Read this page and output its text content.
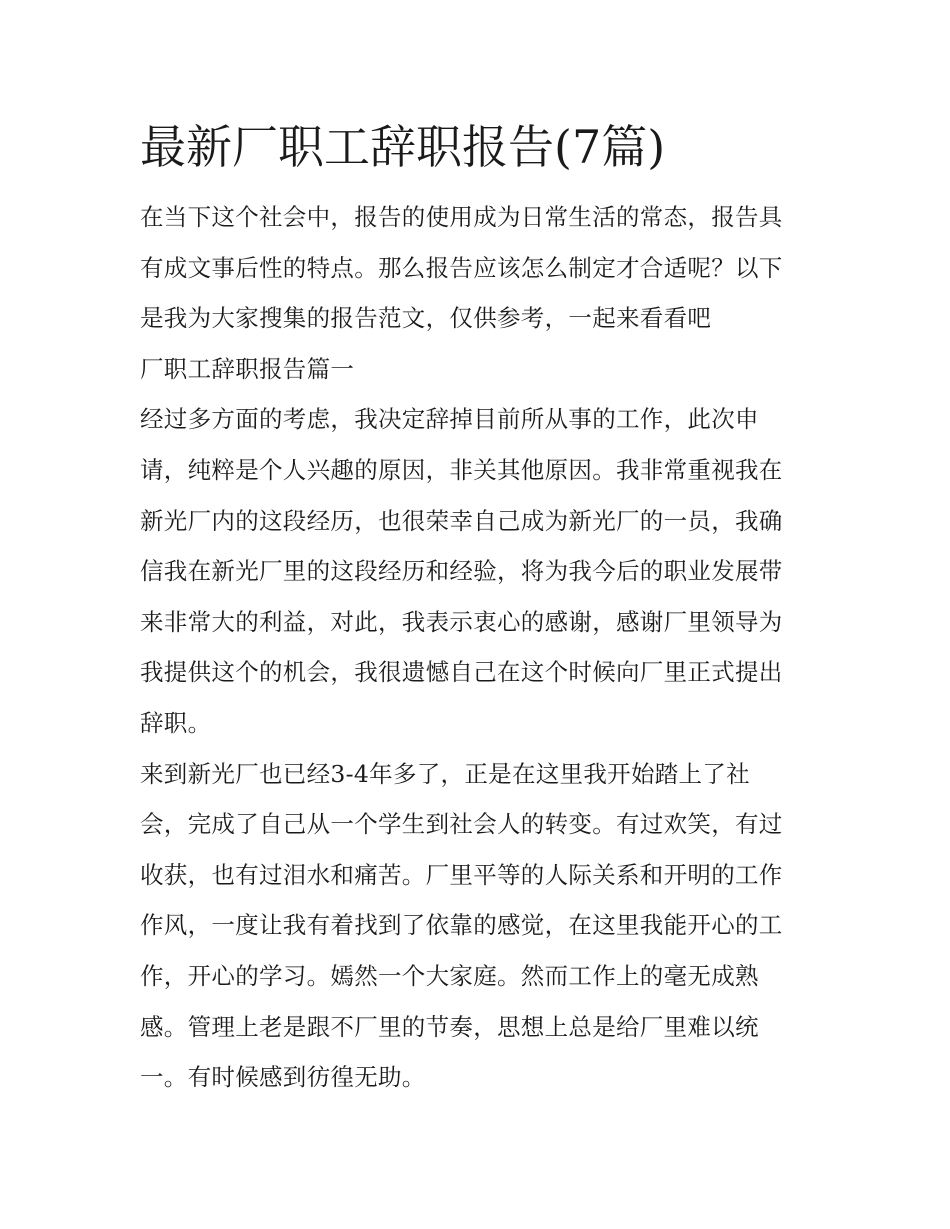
最新厂职工辞职报告(7篇)

在当下这个社会中，报告的使用成为日常生活的常态，报告具
有成文事后性的特点。那么报告应该怎么制定才合适呢？以下
是我为大家搜集的报告范文，仅供参考，一起来看看吧

厂职工辞职报告篇一

经过多方面的考虑，我决定辞掉目前所从事的工作，此次申
请，纯粹是个人兴趣的原因，非关其他原因。我非常重视我在
新光厂内的这段经历，也很荣幸自己成为新光厂的一员，我确
信我在新光厂里的这段经历和经验，将为我今后的职业发展带
来非常大的利益，对此，我表示衷心的感谢，感谢厂里领导为
我提供这个的机会，我很遗憾自己在这个时候向厂里正式提出
辞职。

来到新光厂也已经3-4年多了，正是在这里我开始踏上了社
会，完成了自己从一个学生到社会人的转变。有过欢笑，有过
收获，也有过泪水和痛苦。厂里平等的人际关系和开明的工作
作风，一度让我有着找到了依靠的感觉，在这里我能开心的工
作，开心的学习。嫣然一个大家庭。然而工作上的毫无成熟
感。管理上老是跟不厂里的节奏，思想上总是给厂里难以统
一。有时候感到彷徨无助。
